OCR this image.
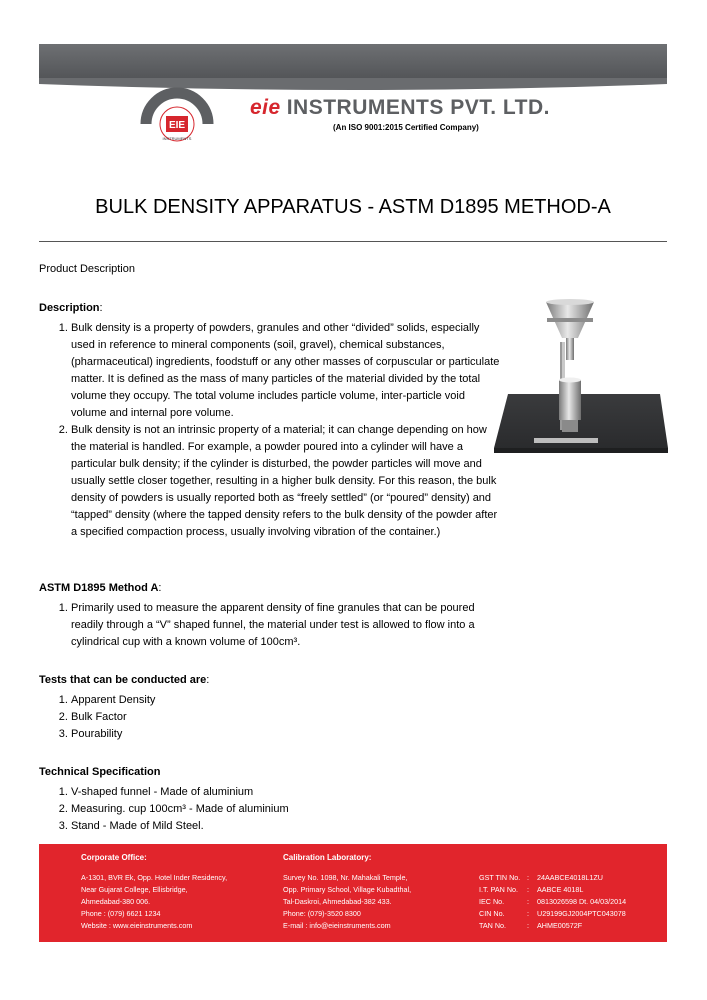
EIE
INSTRUMENTS
eie INSTRUMENTS PVT. LTD.
(An ISO 9001:2015 Certified Company)
BULK DENSITY APPARATUS - ASTM D1895 METHOD-A
Product Description
Description:
1. Bulk density is a property of powders, granules and other “divided” solids, especially used in reference to mineral components (soil, gravel), chemical substances, (pharmaceutical) ingredients, foodstuff or any other masses of corpuscular or particulate matter. It is defined as the mass of many particles of the material divided by the total volume they occupy. The total volume includes particle volume, inter-particle void volume and internal pore volume.
2. Bulk density is not an intrinsic property of a material; it can change depending on how the material is handled. For example, a powder poured into a cylinder will have a particular bulk density; if the cylinder is disturbed, the powder particles will move and usually settle closer together, resulting in a higher bulk density. For this reason, the bulk density of powders is usually reported both as “freely settled” (or “poured” density) and “tapped” density (where the tapped density refers to the bulk density of the powder after a specified compaction process, usually involving vibration of the container.)
ASTM D1895 Method A:
1. Primarily used to measure the apparent density of fine granules that can be poured readily through a “V” shaped funnel, the material under test is allowed to flow into a cylindrical cup with a known volume of 100cm³.
Tests that can be conducted are:
1. Apparent Density
2. Bulk Factor
3. Pourability
Technical Specification
1. V-shaped funnel - Made of aluminium
2. Measuring. cup 100cm³ - Made of aluminium
3. Stand - Made of Mild Steel.
Corporate Office:
A-1301, BVR Ek, Opp. Hotel Inder Residency,
Near Gujarat College, Ellisbridge,
Ahmedabad-380 006.
Phone : (079) 6621 1234
Website : www.eieinstruments.com
Calibration Laboratory:
Survey No. 1098, Nr. Mahakali Temple,
Opp. Primary School, Village Kubadthal,
Tal-Daskroi, Ahmedabad-382 433.
Phone: (079)-3520 8300
E-mail : info@eieinstruments.com
GST TIN No. : 24AABCE4018L1ZU
I.T. PAN No. : AABCE 4018L
IEC No.	: 0813026598 Dt. 04/03/2014
CIN No.	: U29199GJ2004PTC043078
TAN No.	: AHME00572F
